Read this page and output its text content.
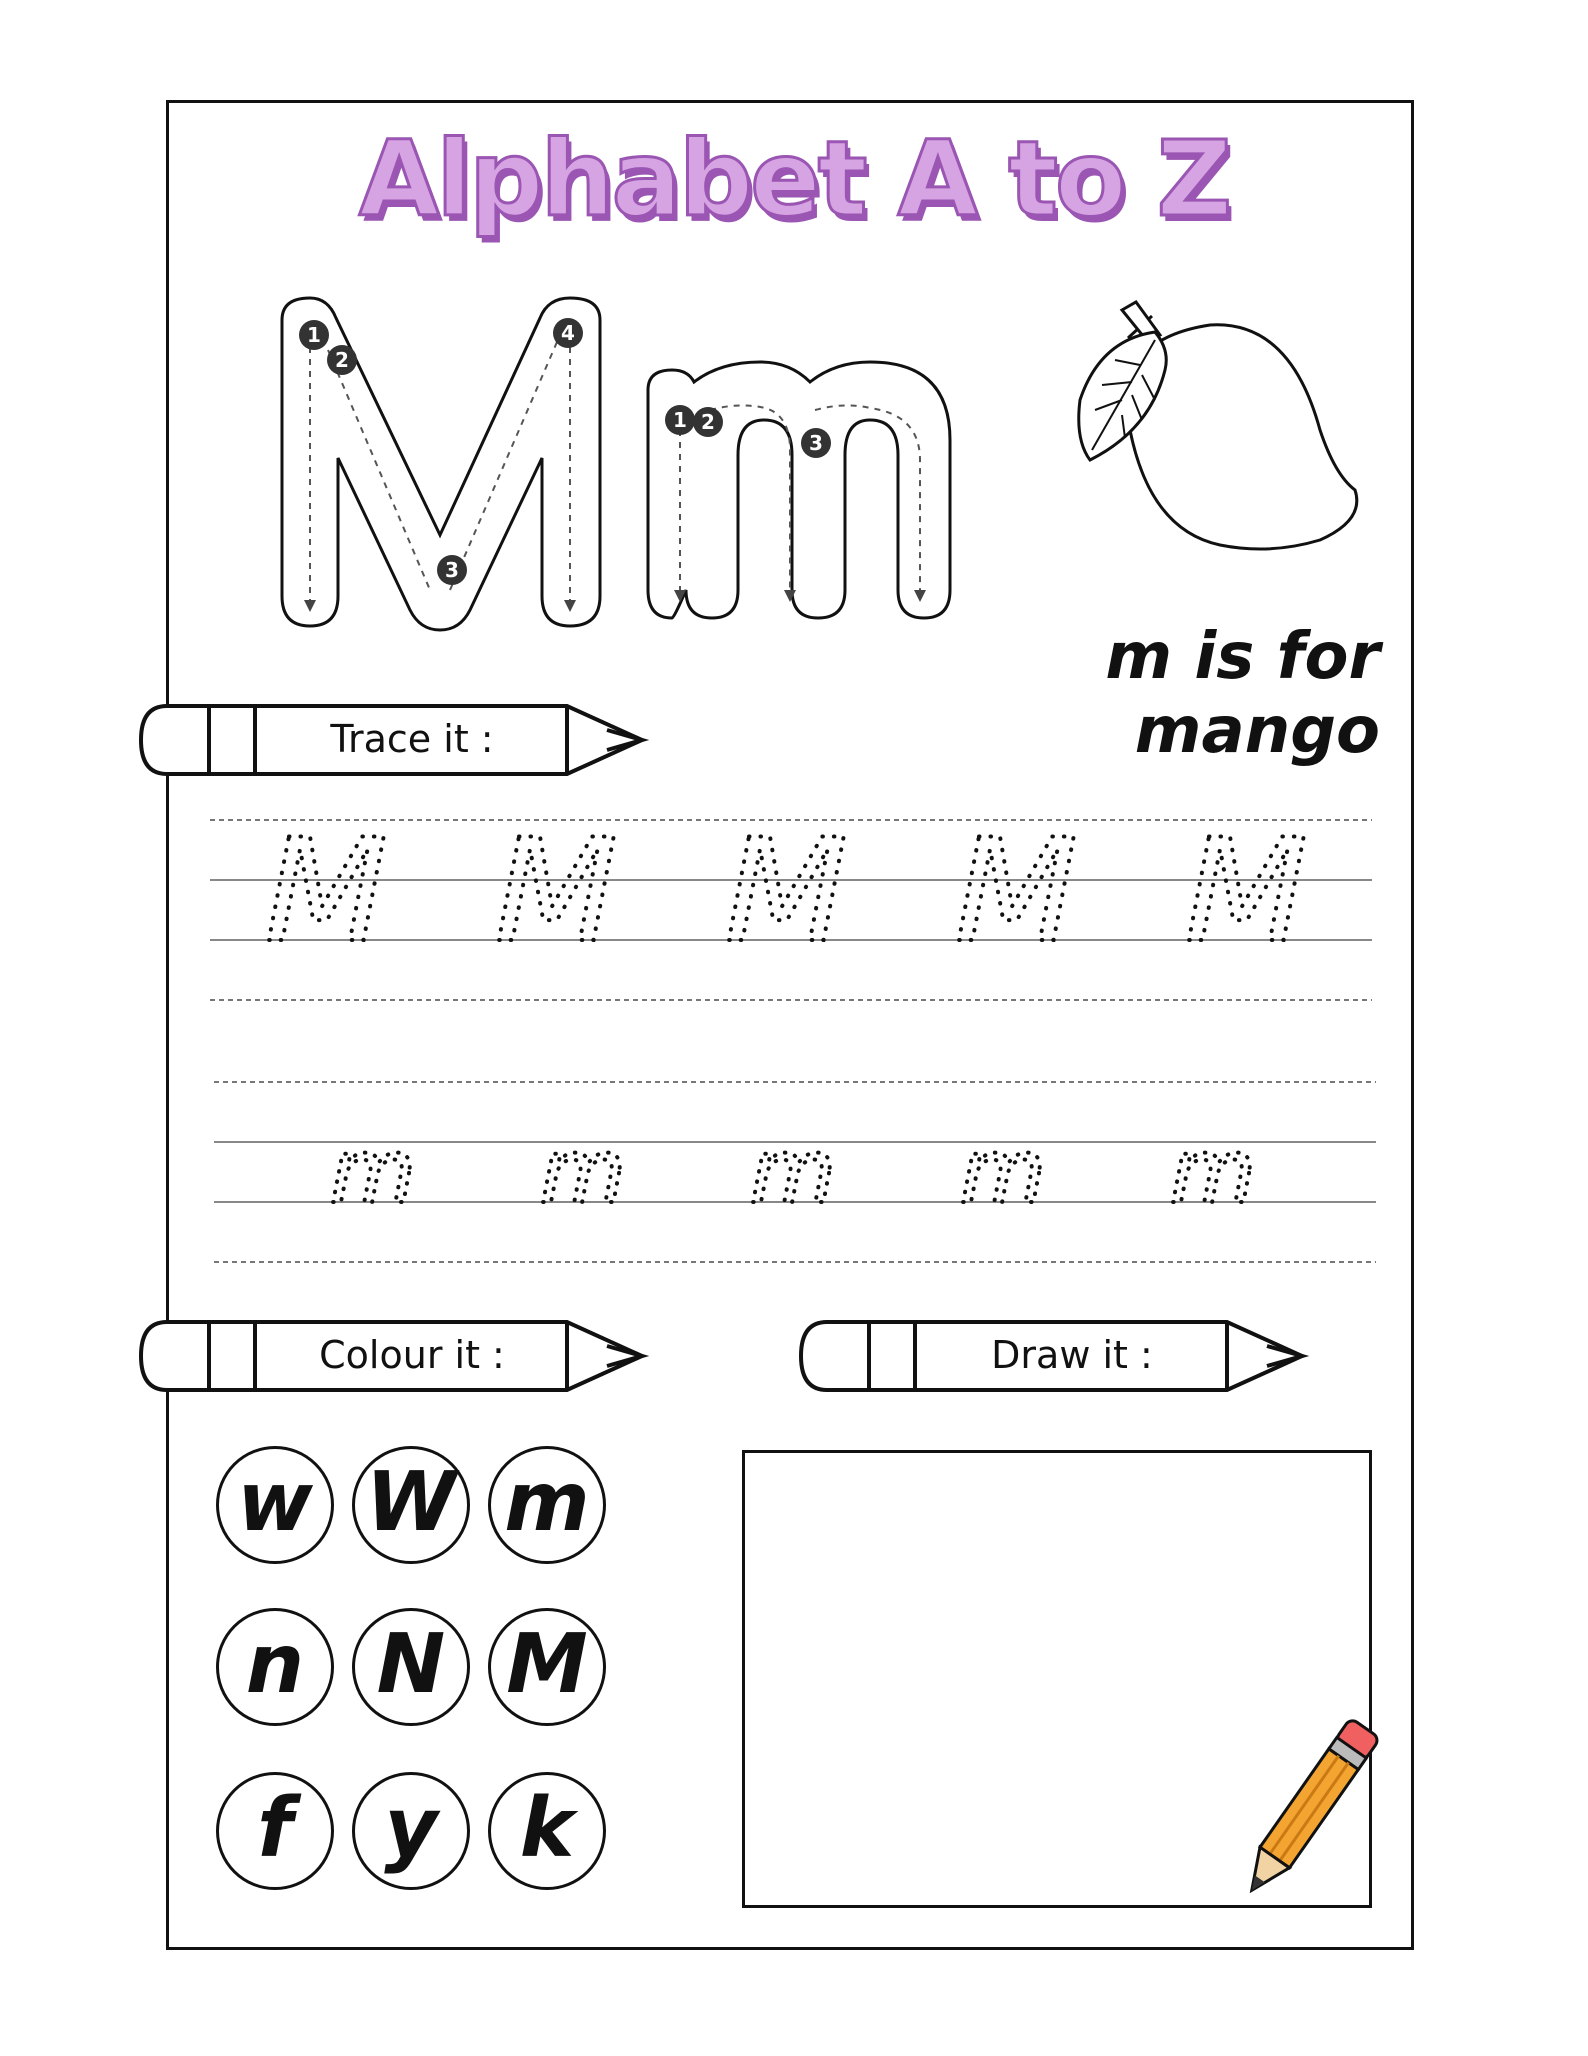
Alphabet A to Z
1
2
3
4
1 2
3
m is for mango
Trace it :
M M M M M
m m m m m
Colour it :	Draw it :
w W m
n N M
f	y	k
